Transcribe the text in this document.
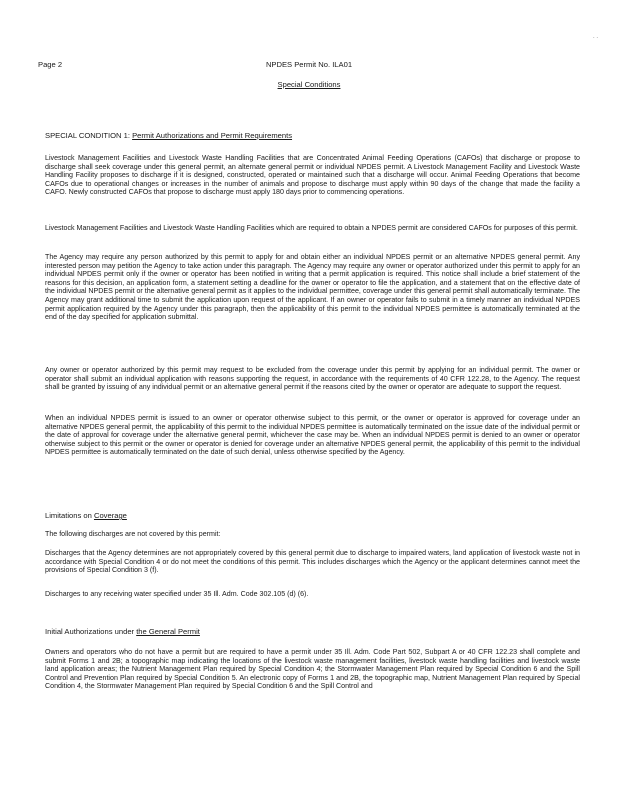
. .
Page 2	NPDES Permit No. ILA01
Special Conditions
SPECIAL CONDITION 1: Permit Authorizations and Permit Requirements

Livestock Management Facilities and Livestock Waste Handling Facilities that are Concentrated Animal Feeding Operations (CAFOs) that discharge or propose to discharge shall seek coverage under this general permit, an alternate general permit or individual NPDES permit. A Livestock Management Facility and Livestock Waste Handling Facility proposes to discharge if it is designed, constructed, operated or maintained such that a discharge will occur. Animal Feeding Operations that become CAFOs due to operational changes or increases in the number of animals and propose to discharge must apply within 90 days of the change that made the facility a CAFO. Newly constructed CAFOs that propose to discharge must apply 180 days prior to commencing operations.

Livestock Management Facilities and Livestock Waste Handling Facilities which are required to obtain a NPDES permit are considered CAFOs for purposes of this permit.

The Agency may require any person authorized by this permit to apply for and obtain either an individual NPDES permit or an alternative NPDES general permit. Any interested person may petition the Agency to take action under this paragraph. The Agency may require any owner or operator authorized under this permit to apply for an individual NPDES permit only if the owner or operator has been notified in writing that a permit application is required. This notice shall include a brief statement of the reasons for this decision, an application form, a statement setting a deadline for the owner or operator to file the application, and a statement that on the effective date of the individual NPDES permit or the alternative general permit as it applies to the individual permittee, coverage under this general permit shall automatically terminate. The Agency may grant additional time to submit the application upon request of the applicant. If an owner or operator fails to submit in a timely manner an individual NPDES permit application required by the Agency under this paragraph, then the applicability of this permit to the individual NPDES permittee is automatically terminated at the end of the day specified for application submittal.

Any owner or operator authorized by this permit may request to be excluded from the coverage under this permit by applying for an individual permit. The owner or operator shall submit an individual application with reasons supporting the request, in accordance with the requirements of 40 CFR 122.28, to the Agency. The request shall be granted by issuing of any individual permit or an alternative general permit if the reasons cited by the owner or operator are adequate to support the request.

When an individual NPDES permit is issued to an owner or operator otherwise subject to this permit, or the owner or operator is approved for coverage under an alternative NPDES general permit, the applicability of this permit to the individual NPDES permittee is automatically terminated on the issue date of the individual permit or the date of approval for coverage under the alternative general permit, whichever the case may be. When an individual NPDES permit is denied to an owner or operator otherwise subject to this permit or the owner or operator is denied for coverage under an alternative NPDES general permit, the applicability of this permit to the individual NPDES permittee is automatically terminated on the date of such denial, unless otherwise specified by the Agency.

Limitations on Coverage

The following discharges are not covered by this permit:

Discharges that the Agency determines are not appropriately covered by this general permit due to discharge to impaired waters, land application of livestock waste not in accordance with Special Condition 4 or do not meet the conditions of this permit. This includes discharges which the Agency or the applicant determines cannot meet the provisions of Special Condition 3 (f).

Discharges to any receiving water specified under 35 Ill. Adm. Code 302.105 (d) (6).

Initial Authorizations under the General Permit

Owners and operators who do not have a permit but are required to have a permit under 35 Ill. Adm. Code Part 502, Subpart A or 40 CFR 122.23 shall complete and submit Forms 1 and 2B; a topographic map indicating the locations of the livestock waste management facilities, livestock waste handling facilities and livestock waste land application areas; the Nutrient Management Plan required by Special Condition 4; the Stormwater Management Plan required by Special Condition 6 and the Spill Control and Prevention Plan required by Special Condition 5. An electronic copy of Forms 1 and 2B, the topographic map, Nutrient Management Plan required by Special Condition 4, the Stormwater Management Plan required by Special Condition 6 and the Spill Control and
